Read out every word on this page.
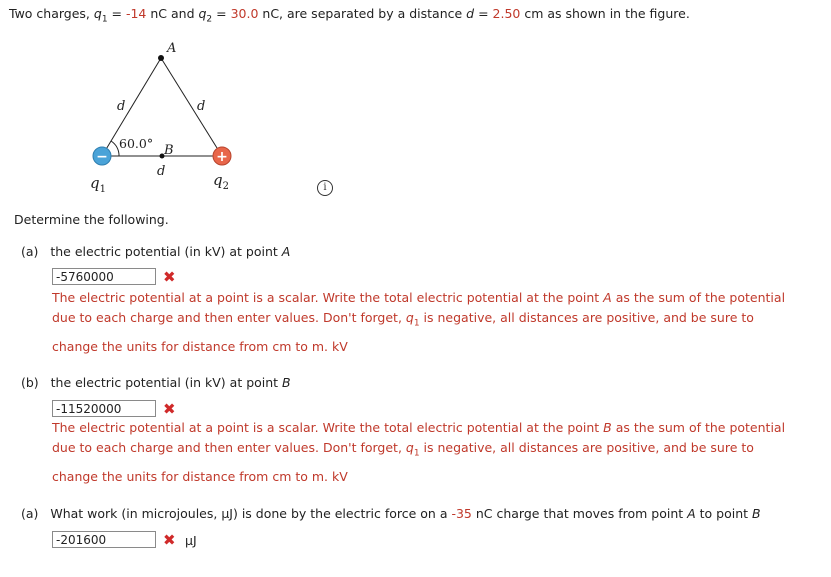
Two charges, $q_1 = -14$ nC and $q_2 = 30.0$ nC, are separated by a distance d = 2.50 cm as shown in the figure.
−	+
A
d	d
d
60.0° B
$q_1$
$q_2$	i
Determine the following.
(a) the electric potential (in kV) at point A
-5760000	✖
The electric potential at a point is a scalar. Write the total electric potential at the point A as the sum of the potential
due to each charge and then enter values. Don't forget, $q_1$ is negative, all distances are positive, and be sure to
change the units for distance from cm to m. kV
(b) the electric potential (in kV) at point B
-11520000	✖
The electric potential at a point is a scalar. Write the total electric potential at the point B as the sum of the potential
due to each charge and then enter values. Don't forget, $q_1$ is negative, all distances are positive, and be sure to
change the units for distance from cm to m. kV
(a) What work (in microjoules, μJ) is done by the electric force on a -35 nC charge that moves from point A to point B
-201600	✖ μJ
